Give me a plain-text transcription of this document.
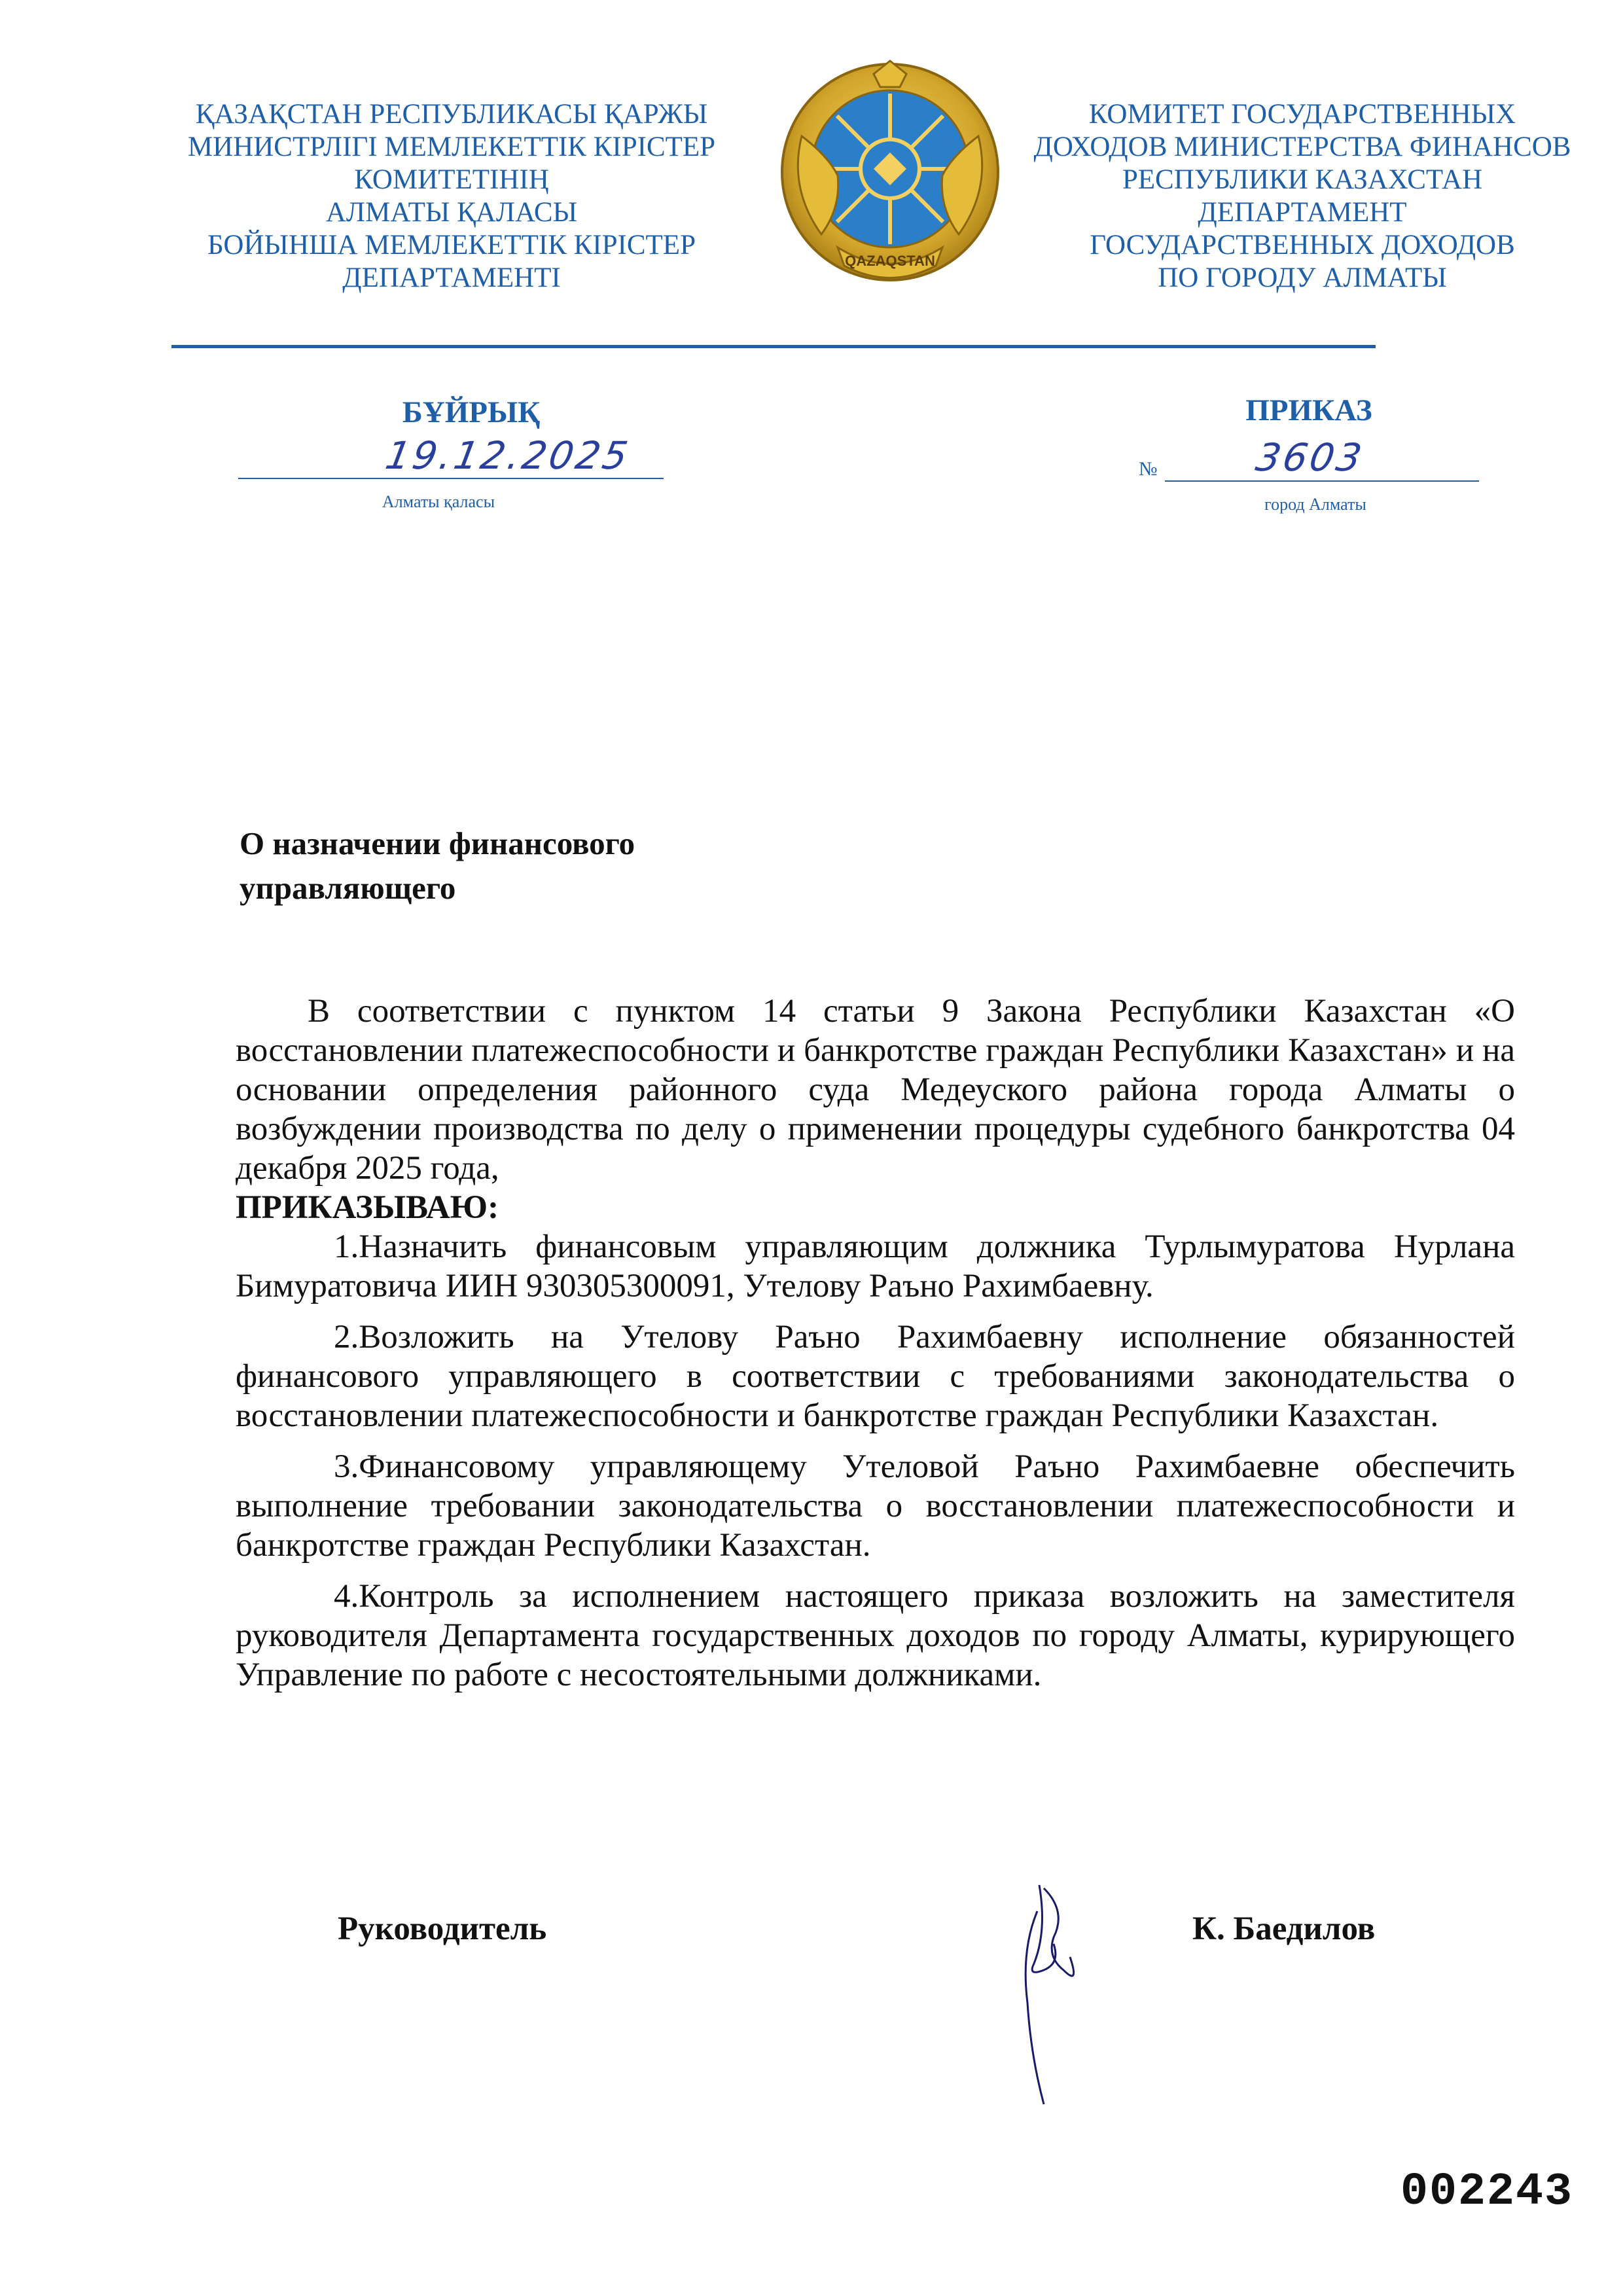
ҚАЗАҚСТАН РЕСПУБЛИКАСЫ ҚАРЖЫ
МИНИСТРЛІГІ МЕМЛЕКЕТТІК КІРІСТЕР
КОМИТЕТІНІҢ
АЛМАТЫ ҚАЛАСЫ
БОЙЫНША МЕМЛЕКЕТТІК КІРІСТЕР
ДЕПАРТАМЕНТІ
QAZAQSTAN
КОМИТЕТ ГОСУДАРСТВЕННЫХ
ДОХОДОВ МИНИСТЕРСТВА ФИНАНСОВ
РЕСПУБЛИКИ КАЗАХСТАН
ДЕПАРТАМЕНТ
ГОСУДАРСТВЕННЫХ ДОХОДОВ
ПО ГОРОДУ АЛМАТЫ
БҰЙРЫҚ	ПРИКАЗ
19.12.2025	№	3603
Алматы қаласы	город Алматы
О назначении финансового
управляющего

В соответствии с пунктом 14 статьи 9 Закона Республики Казахстан «О восстановлении платежеспособности и банкротстве граждан Республики Казахстан» и на основании определения районного суда Медеуского района города Алматы о возбуждении производства по делу о применении процедуры судебного банкротства 04 декабря 2025 года,

ПРИКАЗЫВАЮ:

1.Назначить финансовым управляющим должника Турлымуратова Нурлана Бимуратовича ИИН 930305300091, Утелову Раъно Рахимбаевну.

2.Возложить на Утелову Раъно Рахимбаевну исполнение обязанностей финансового управляющего в соответствии с требованиями законодательства о восстановлении платежеспособности и банкротстве граждан Республики Казахстан.

3.Финансовому управляющему Утеловой Раъно Рахимбаевне обеспечить выполнение требовании законодательства о восстановлении платежеспособности и банкротстве граждан Республики Казахстан.

4.Контроль за исполнением настоящего приказа возложить на заместителя руководителя Департамента государственных доходов по городу Алматы, курирующего Управление по работе с несостоятельными должниками.

Руководитель	К. Баедилов
002243
